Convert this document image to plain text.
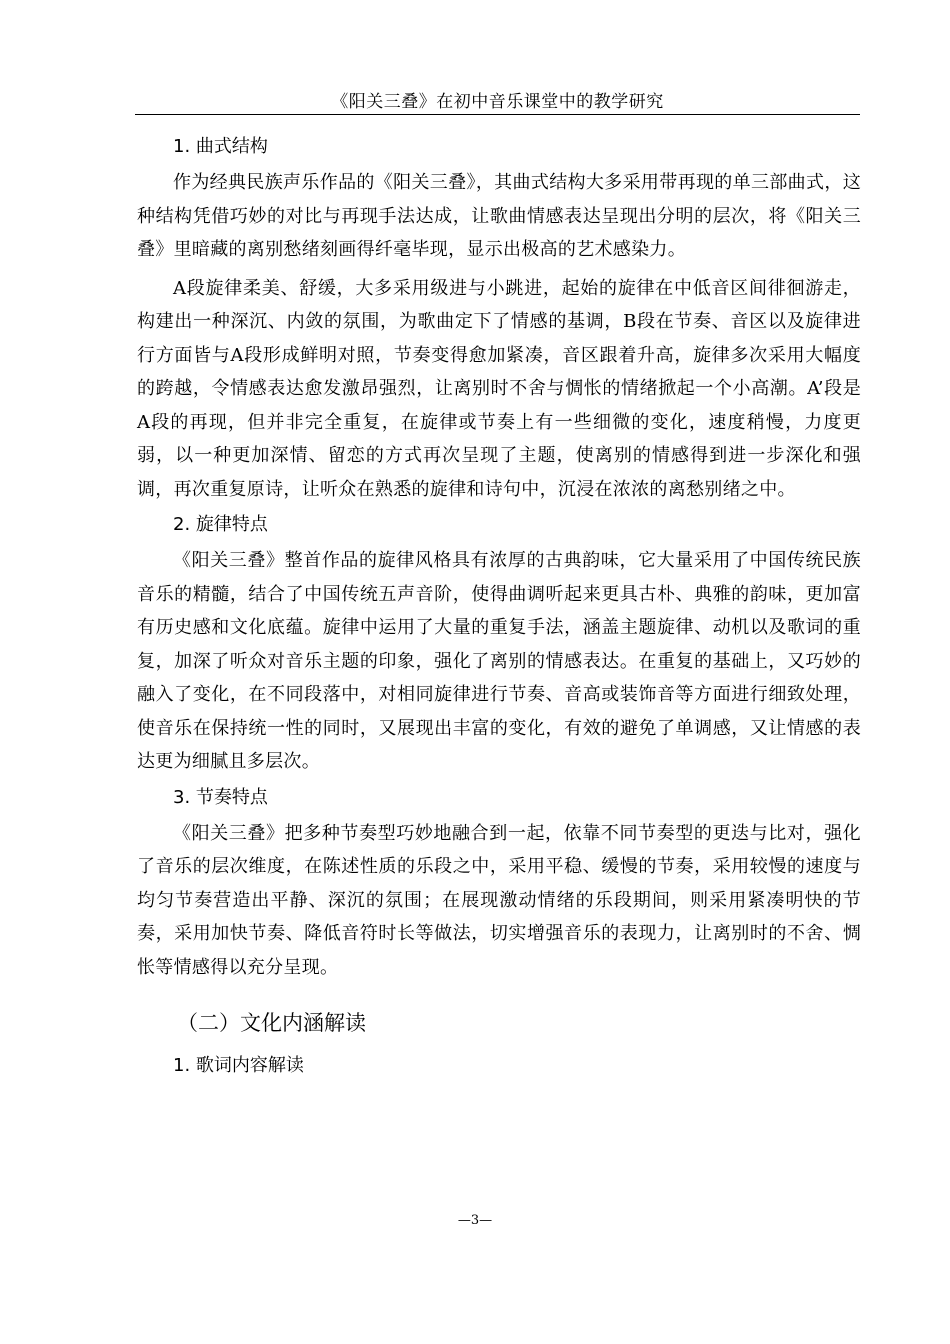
《阳关三叠》在初中音乐课堂中的教学研究
1. 曲式结构

作为经典民族声乐作品的《阳关三叠》，其曲式结构大多采用带再现的单三部曲式，这种结构凭借巧妙的对比与再现手法达成，让歌曲情感表达呈现出分明的层次，将《阳关三叠》里暗藏的离别愁绪刻画得纤毫毕现，显示出极高的艺术感染力。

A段旋律柔美、舒缓，大多采用级进与小跳进，起始的旋律在中低音区间徘徊游走，构建出一种深沉、内敛的氛围，为歌曲定下了情感的基调，B段在节奏、音区以及旋律进行方面皆与A段形成鲜明对照，节奏变得愈加紧凑，音区跟着升高，旋律多次采用大幅度的跨越，令情感表达愈发激昂强烈，让离别时不舍与惆怅的情绪掀起一个小高潮。A’段是A段的再现，但并非完全重复，在旋律或节奏上有一些细微的变化，速度稍慢，力度更弱，以一种更加深情、留恋的方式再次呈现了主题，使离别的情感得到进一步深化和强调，再次重复原诗，让听众在熟悉的旋律和诗句中，沉浸在浓浓的离愁别绪之中。

2. 旋律特点

《阳关三叠》整首作品的旋律风格具有浓厚的古典韵味，它大量采用了中国传统民族音乐的精髓，结合了中国传统五声音阶，使得曲调听起来更具古朴、典雅的韵味，更加富有历史感和文化底蕴。旋律中运用了大量的重复手法，涵盖主题旋律、动机以及歌词的重复，加深了听众对音乐主题的印象，强化了离别的情感表达。在重复的基础上，又巧妙的融入了变化，在不同段落中，对相同旋律进行节奏、音高或装饰音等方面进行细致处理，使音乐在保持统一性的同时，又展现出丰富的变化，有效的避免了单调感，又让情感的表达更为细腻且多层次。

3. 节奏特点

《阳关三叠》把多种节奏型巧妙地融合到一起，依靠不同节奏型的更迭与比对，强化了音乐的层次维度，在陈述性质的乐段之中，采用平稳、缓慢的节奏，采用较慢的速度与均匀节奏营造出平静、深沉的氛围；在展现激动情绪的乐段期间，则采用紧凑明快的节奏，采用加快节奏、降低音符时长等做法，切实增强音乐的表现力，让离别时的不舍、惆怅等情感得以充分呈现。

（二）文化内涵解读
1. 歌词内容解读
—3—
